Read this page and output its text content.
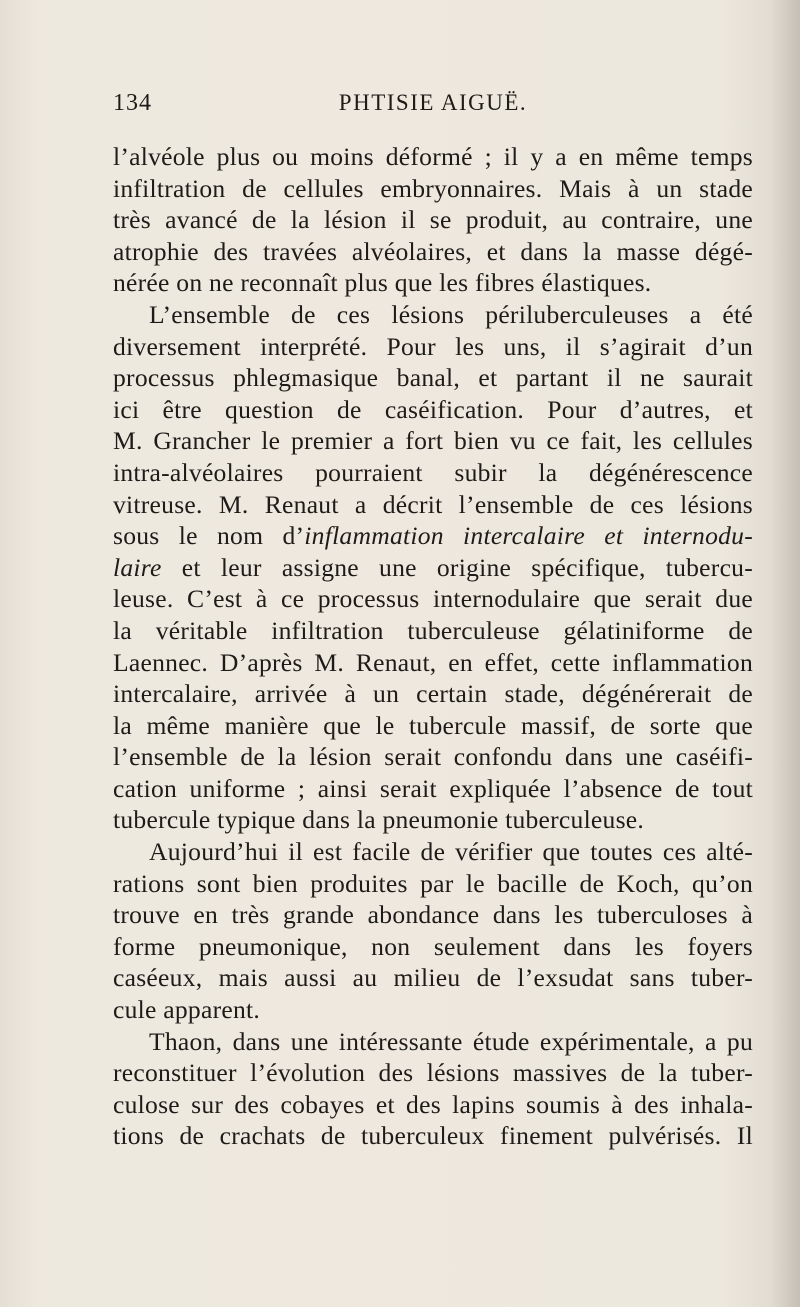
134	PHTISIE AIGUË.
l’alvéole plus ou moins déformé ; il y a en même temps
infiltration de cellules embryonnaires. Mais à un stade
très avancé de la lésion il se produit, au contraire, une
atrophie des travées alvéolaires, et dans la masse dégé-
nérée on ne reconnaît plus que les fibres élastiques.
L’ensemble de ces lésions périluberculeuses a été
diversement interprété. Pour les uns, il s’agirait d’un
processus phlegmasique banal, et partant il ne saurait
ici être question de caséification. Pour d’autres, et
M. Grancher le premier a fort bien vu ce fait, les cellules
intra-alvéolaires pourraient subir la dégénérescence
vitreuse. M. Renaut a décrit l’ensemble de ces lésions
sous le nom d’inflammation intercalaire et internodu-
laire et leur assigne une origine spécifique, tubercu-
leuse. C’est à ce processus internodulaire que serait due
la véritable infiltration tuberculeuse gélatiniforme de
Laennec. D’après M. Renaut, en effet, cette inflammation
intercalaire, arrivée à un certain stade, dégénérerait de
la même manière que le tubercule massif, de sorte que
l’ensemble de la lésion serait confondu dans une caséifi-
cation uniforme ; ainsi serait expliquée l’absence de tout
tubercule typique dans la pneumonie tuberculeuse.
Aujourd’hui il est facile de vérifier que toutes ces alté-
rations sont bien produites par le bacille de Koch, qu’on
trouve en très grande abondance dans les tuberculoses à
forme pneumonique, non seulement dans les foyers
caséeux, mais aussi au milieu de l’exsudat sans tuber-
cule apparent.
Thaon, dans une intéressante étude expérimentale, a pu
reconstituer l’évolution des lésions massives de la tuber-
culose sur des cobayes et des lapins soumis à des inhala-
tions de crachats de tuberculeux finement pulvérisés. Il
